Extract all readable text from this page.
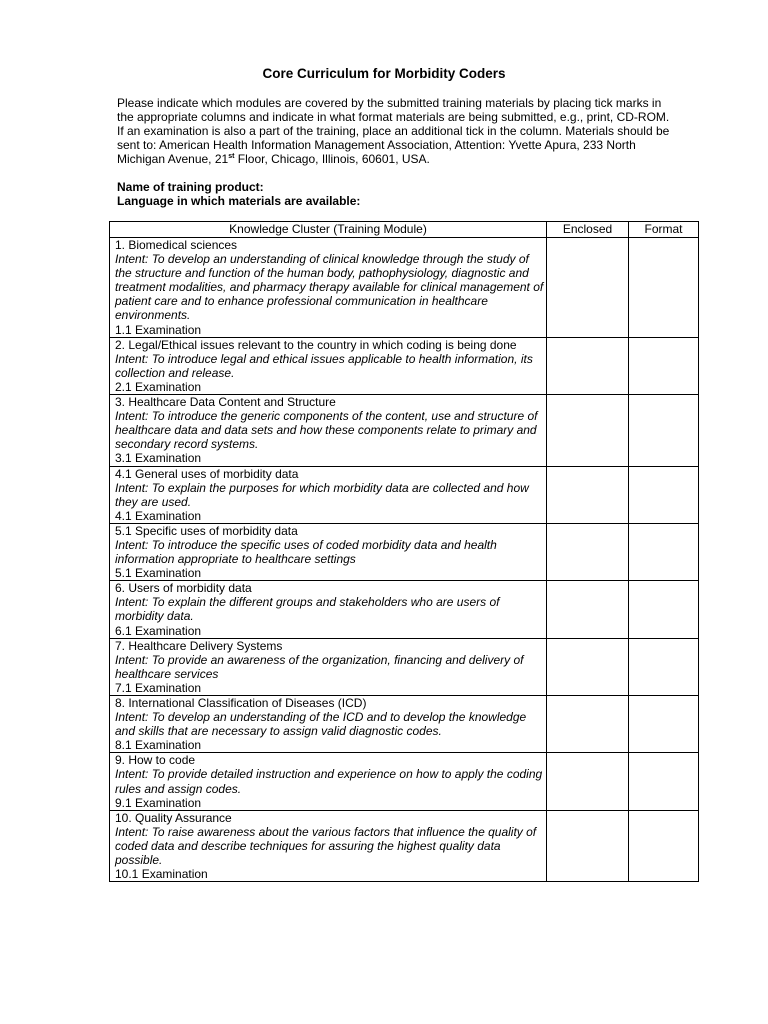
Core Curriculum for Morbidity Coders

Please indicate which modules are covered by the submitted training materials by placing tick marks in the appropriate columns and indicate in what format materials are being submitted, e.g., print, CD-ROM. If an examination is also a part of the training, place an additional tick in the column. Materials should be sent to: American Health Information Management Association, Attention: Yvette Apura, 233 North Michigan Avenue, 21st Floor, Chicago, Illinois, 60601, USA.

Name of training product:
Language in which materials are available:
Knowledge Cluster (Training Module)	Enclosed	Format

1. Biomedical sciences
Intent: To develop an understanding of clinical knowledge through the study of the structure and function of the human body, pathophysiology, diagnostic and treatment modalities, and pharmacy therapy available for clinical management of patient care and to enhance professional communication in healthcare environments.
1.1 Examination		

2. Legal/Ethical issues relevant to the country in which coding is being done
Intent: To introduce legal and ethical issues applicable to health information, its collection and release.
2.1 Examination		

3. Healthcare Data Content and Structure
Intent: To introduce the generic components of the content, use and structure of healthcare data and data sets and how these components relate to primary and secondary record systems.
3.1 Examination		

4.1 General uses of morbidity data
Intent: To explain the purposes for which morbidity data are collected and how they are used.
4.1 Examination		

5.1 Specific uses of morbidity data
Intent: To introduce the specific uses of coded morbidity data and health information appropriate to healthcare settings
5.1 Examination		

6. Users of morbidity data
Intent: To explain the different groups and stakeholders who are users of morbidity data.
6.1 Examination		

7. Healthcare Delivery Systems
Intent: To provide an awareness of the organization, financing and delivery of healthcare services
7.1 Examination		

8. International Classification of Diseases (ICD)
Intent: To develop an understanding of the ICD and to develop the knowledge and skills that are necessary to assign valid diagnostic codes.
8.1 Examination		

9. How to code
Intent: To provide detailed instruction and experience on how to apply the coding rules and assign codes.
9.1 Examination		

10. Quality Assurance
Intent: To raise awareness about the various factors that influence the quality of coded data and describe techniques for assuring the highest quality data possible.
10.1 Examination		
